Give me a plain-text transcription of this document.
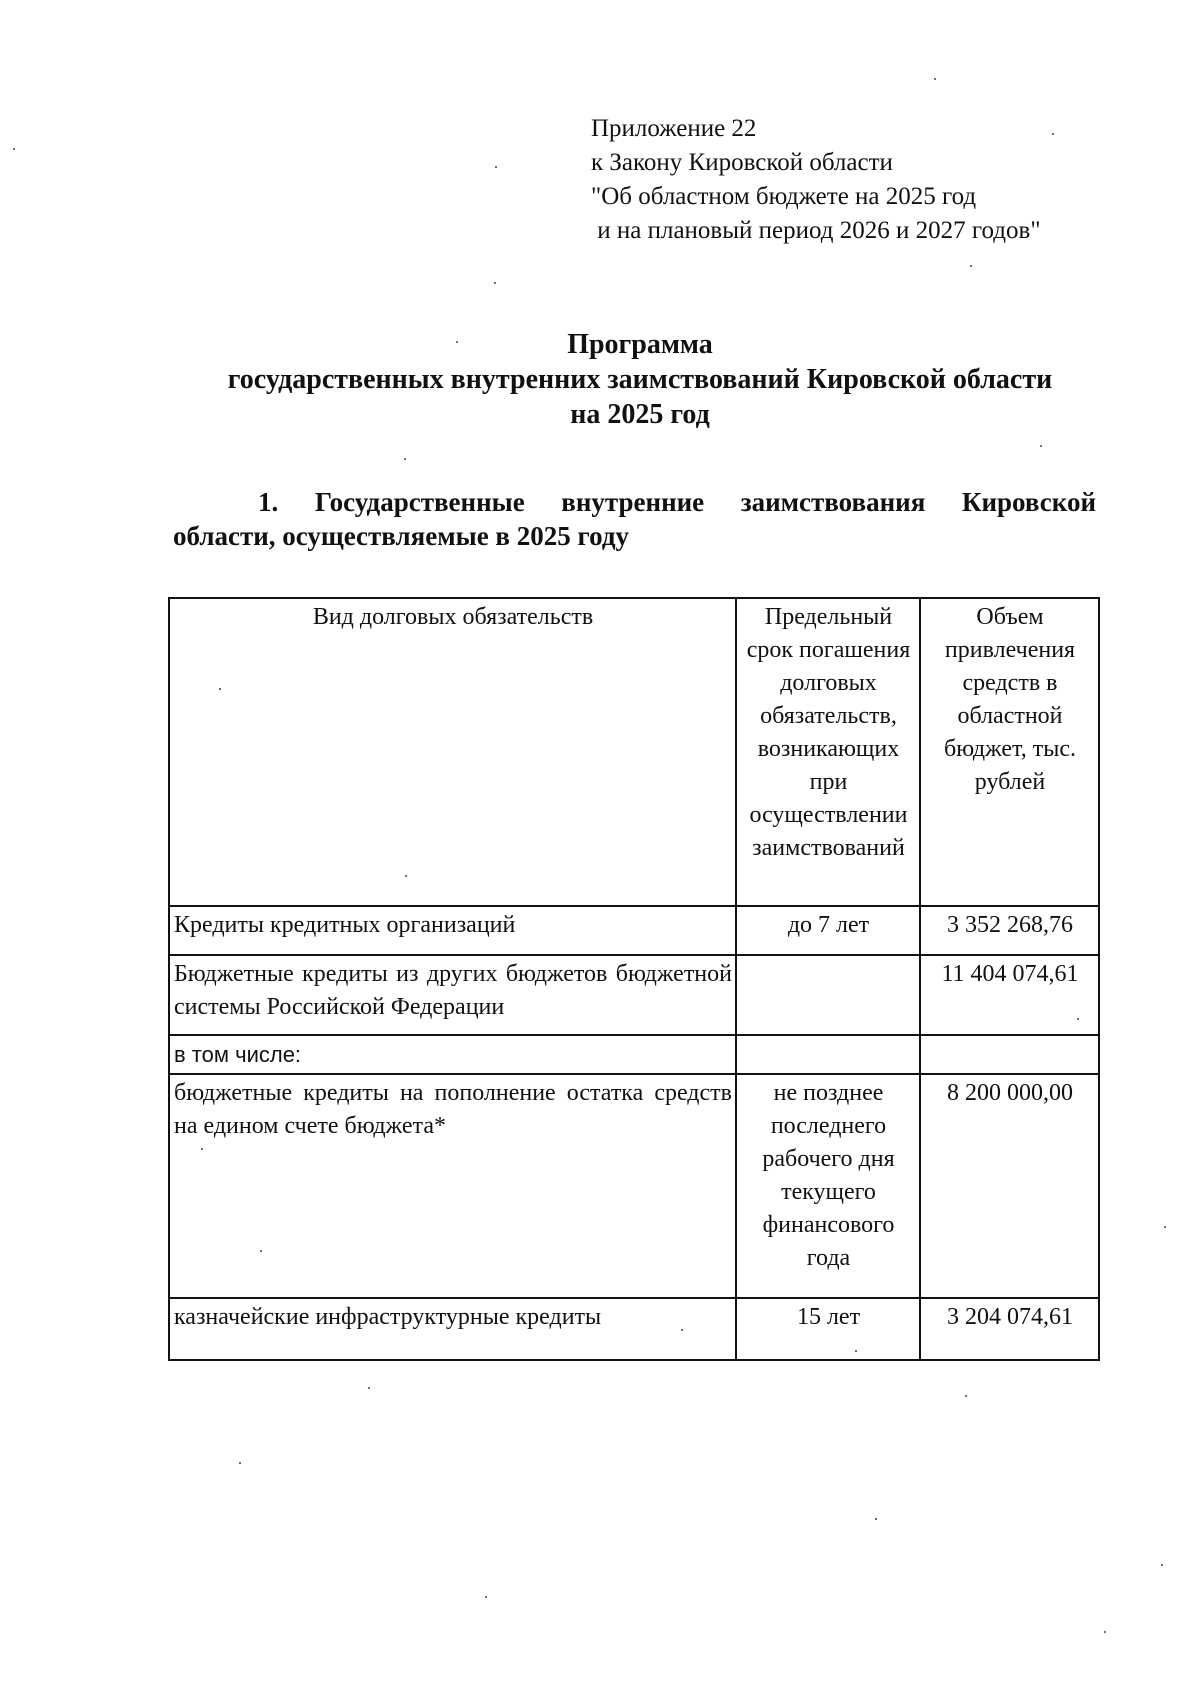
Приложение 22
к Закону Кировской области
"Об областном бюджете на 2025 год
и на плановый период 2026 и 2027 годов"
Программа
государственных внутренних заимствований Кировской области
на 2025 год
1. Государственные внутренние заимствования Кировской
области, осуществляемые в 2025 году
Вид долговых обязательств	Предельный срок погашения долговых обязательств, возникающих при осуществлении заимствований	Объем привлечения средств в областной бюджет, тыс. рублей
Кредиты кредитных организаций	до 7 лет	3 352 268,76
Бюджетные кредиты из других бюджетов бюджетной системы Российской Федерации		11 404 074,61
в том числе:		
бюджетные кредиты на пополнение остатка средств на едином счете бюджета*	не позднее последнего рабочего дня текущего финансового года	8 200 000,00
казначейские инфраструктурные кредиты	15 лет	3 204 074,61
